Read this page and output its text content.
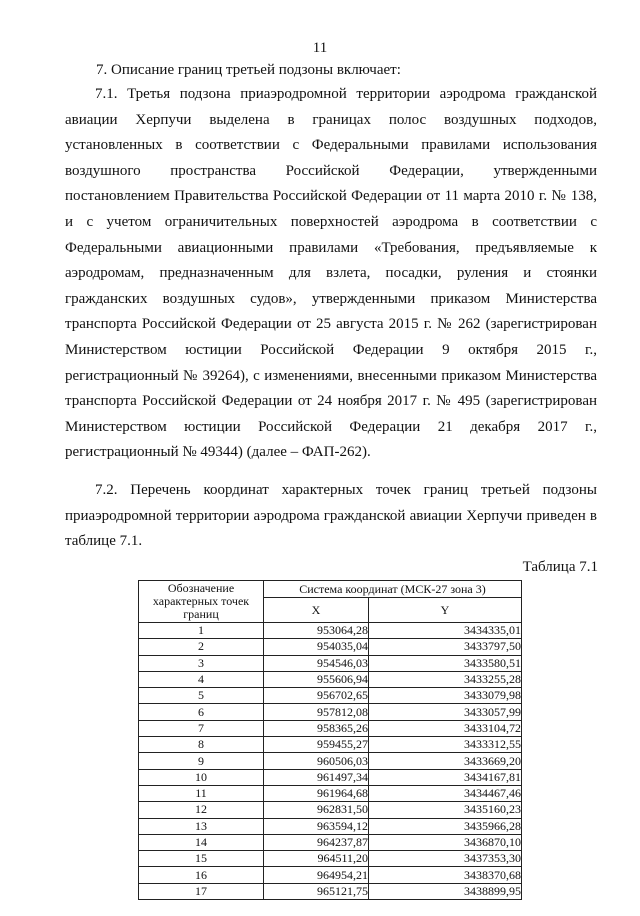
11
7. Описание границ третьей подзоны включает:

7.1. Третья подзона приаэродромной территории аэродрома гражданской авиации Херпучи выделена в границах полос воздушных подходов, установленных в соответствии с Федеральными правилами использования воздушного пространства Российской Федерации, утвержденными постановлением Правительства Российской Федерации от 11 марта 2010 г. № 138, и с учетом ограничительных поверхностей аэродрома в соответствии с Федеральными авиационными правилами «Требования, предъявляемые к аэродромам, предназначенным для взлета, посадки, руления и стоянки гражданских воздушных судов», утвержденными приказом Министерства транспорта Российской Федерации от 25 августа 2015 г. № 262 (зарегистрирован Министерством юстиции Российской Федерации 9 октября 2015 г., регистрационный № 39264), с изменениями, внесенными приказом Министерства транспорта Российской Федерации от 24 ноября 2017 г. № 495 (зарегистрирован Министерством юстиции Российской Федерации 21 декабря 2017 г., регистрационный № 49344) (далее – ФАП-262).

7.2. Перечень координат характерных точек границ третьей подзоны приаэродромной территории аэродрома гражданской авиации Херпучи приведен в таблице 7.1.

Таблица 7.1
Обозначение характерных точек границ	Система координат (МСК-27 зона 3)	
	X	Y
1	953064,28	3434335,01
2	954035,04	3433797,50
3	954546,03	3433580,51
4	955606,94	3433255,28
5	956702,65	3433079,98
6	957812,08	3433057,99
7	958365,26	3433104,72
8	959455,27	3433312,55
9	960506,03	3433669,20
10	961497,34	3434167,81
11	961964,68	3434467,46
12	962831,50	3435160,23
13	963594,12	3435966,28
14	964237,87	3436870,10
15	964511,20	3437353,30
16	964954,21	3438370,68
17	965121,75	3438899,95
